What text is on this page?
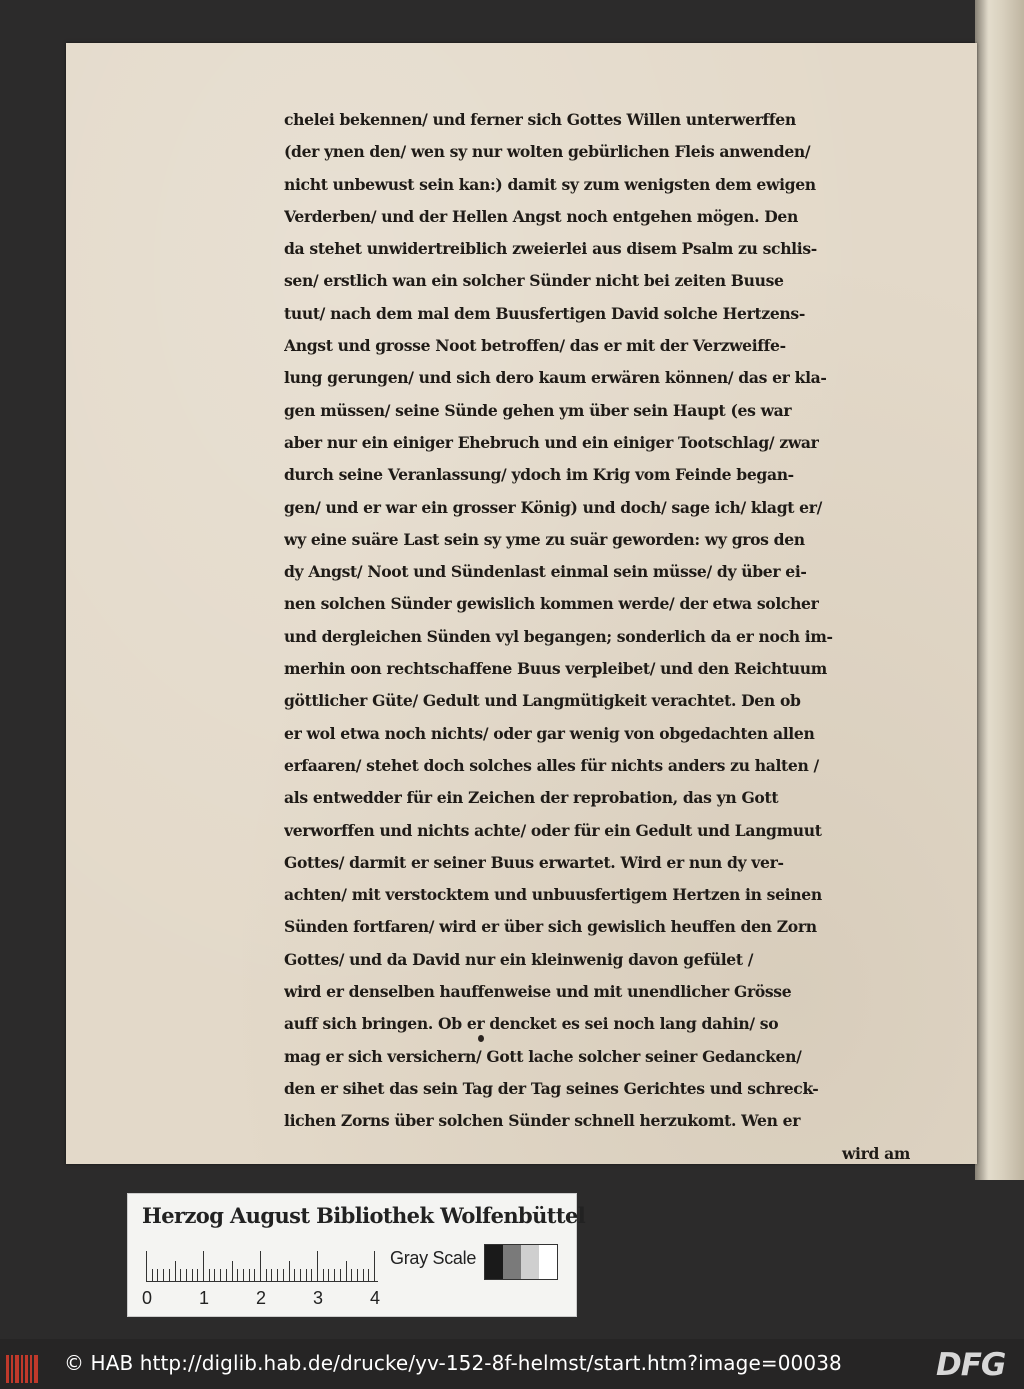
chelei bekennen/ und ferner sich Gottes Willen unterwerffen
(der ynen den/ wen sy nur wolten gebürlichen Fleis anwenden/
nicht unbewust sein kan:) damit sy zum wenigsten dem ewigen
Verderben/ und der Hellen Angst noch entgehen mögen. Den
da stehet unwidertreiblich zweierlei aus disem Psalm zu schlis-
sen/ erstlich wan ein solcher Sünder nicht bei zeiten Buuse
tuut/ nach dem mal dem Buusfertigen David solche Hertzens-
Angst und grosse Noot betroffen/ das er mit der Verzweiffe-
lung gerungen/ und sich dero kaum erwären können/ das er kla-
gen müssen/ seine Sünde gehen ym über sein Haupt (es war
aber nur ein einiger Ehebruch und ein einiger Tootschlag/ zwar
durch seine Veranlassung/ ydoch im Krig vom Feinde began-
gen/ und er war ein grosser König) und doch/ sage ich/ klagt er/
wy eine suäre Last sein sy yme zu suär geworden: wy gros den
dy Angst/ Noot und Sündenlast einmal sein müsse/ dy über ei-
nen solchen Sünder gewislich kommen werde/ der etwa solcher
und dergleichen Sünden vyl begangen; sonderlich da er noch im-
merhin oon rechtschaffene Buus verpleibet/ und den Reichtuum
göttlicher Güte/ Gedult und Langmütigkeit verachtet. Den ob
er wol etwa noch nichts/ oder gar wenig von obgedachten allen
erfaaren/ stehet doch solches alles für nichts anders zu halten /
als entwedder für ein Zeichen der reprobation, das yn Gott
verworffen und nichts achte/ oder für ein Gedult und Langmuut
Gottes/ darmit er seiner Buus erwartet. Wird er nun dy ver-
achten/ mit verstocktem und unbuusfertigem Hertzen in seinen
Sünden fortfaren/ wird er über sich gewislich heuffen den Zorn
Gottes/ und da David nur ein kleinwenig davon gefület /
wird er denselben hauffenweise und mit unendlicher Grösse
auff sich bringen. Ob er dencket es sei noch lang dahin/ so
mag er sich versichern/ Gott lache solcher seiner Gedancken/
den er sihet das sein Tag der Tag seines Gerichtes und schreck-
lichen Zorns über solchen Sünder schnell herzukomt. Wen er
wird am
Herzog August Bibliothek Wolfenbüttel
0	1	2	3	4
Gray Scale
© HAB http://diglib.hab.de/drucke/yv-152-8f-helmst/start.htm?image=00038	DFG
